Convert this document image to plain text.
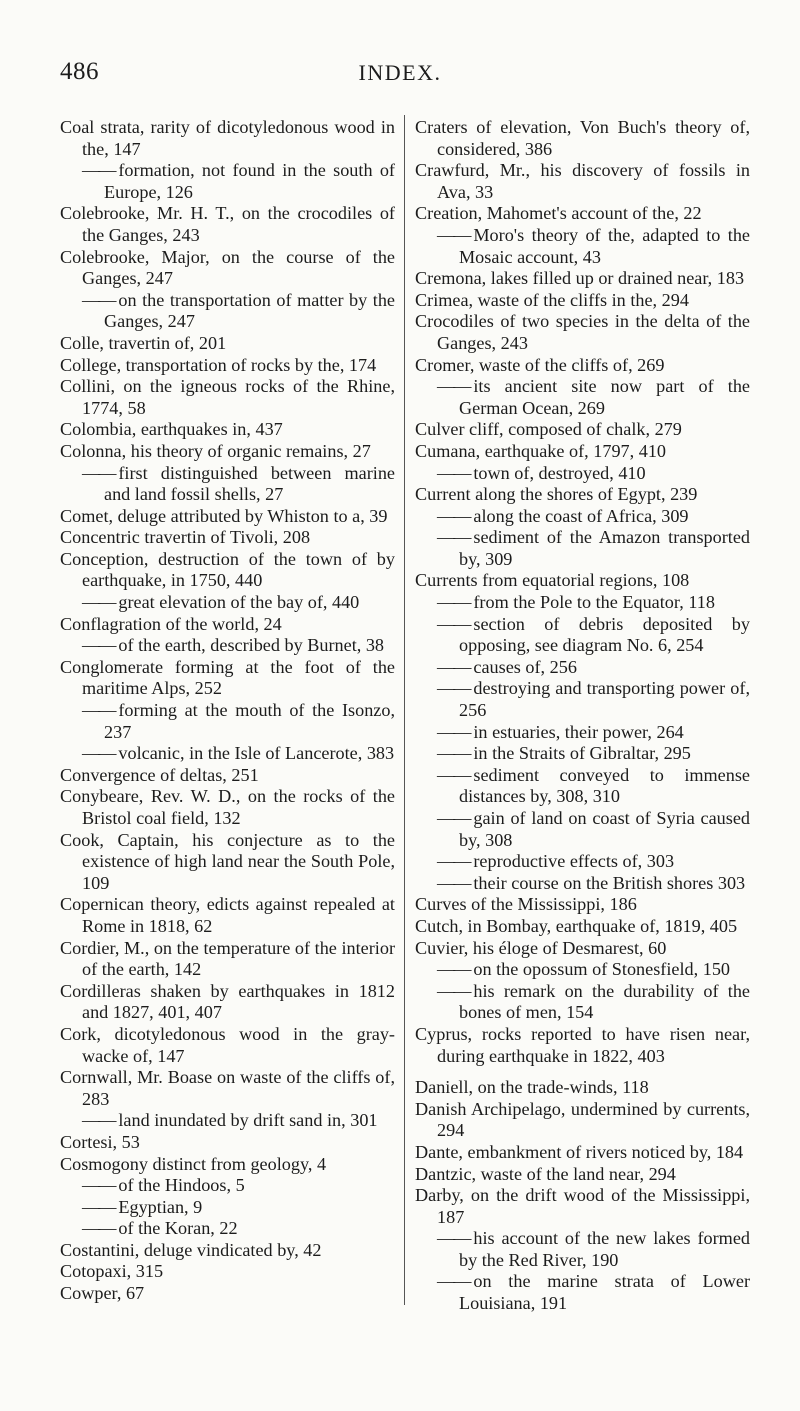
486	INDEX.

Coal strata, rarity of dicotyledonous wood in the, 147

—— formation, not found in the south of Europe, 126

Colebrooke, Mr. H. T., on the crocodiles of the Ganges, 243

Colebrooke, Major, on the course of the Ganges, 247

—— on the transportation of matter by the Ganges, 247

Colle, travertin of, 201

College, transportation of rocks by the, 174

Collini, on the igneous rocks of the Rhine, 1774, 58

Colombia, earthquakes in, 437

Colonna, his theory of organic remains, 27

—— first distinguished between marine and land fossil shells, 27

Comet, deluge attributed by Whiston to a, 39

Concentric travertin of Tivoli, 208

Conception, destruction of the town of by earthquake, in 1750, 440

—— great elevation of the bay of, 440

Conflagration of the world, 24

—— of the earth, described by Burnet, 38

Conglomerate forming at the foot of the maritime Alps, 252

—— forming at the mouth of the Isonzo, 237

—— volcanic, in the Isle of Lancerote, 383

Convergence of deltas, 251

Conybeare, Rev. W. D., on the rocks of the Bristol coal field, 132

Cook, Captain, his conjecture as to the existence of high land near the South Pole, 109

Copernican theory, edicts against repealed at Rome in 1818, 62

Cordier, M., on the temperature of the interior of the earth, 142

Cordilleras shaken by earthquakes in 1812 and 1827, 401, 407

Cork, dicotyledonous wood in the gray-wacke of, 147

Cornwall, Mr. Boase on waste of the cliffs of, 283

—— land inundated by drift sand in, 301

Cortesi, 53

Cosmogony distinct from geology, 4

—— of the Hindoos, 5

—— Egyptian, 9

—— of the Koran, 22

Costantini, deluge vindicated by, 42

Cotopaxi, 315

Cowper, 67

Craters of elevation, Von Buch's theory of, considered, 386

Crawfurd, Mr., his discovery of fossils in Ava, 33

Creation, Mahomet's account of the, 22

—— Moro's theory of the, adapted to the Mosaic account, 43

Cremona, lakes filled up or drained near, 183

Crimea, waste of the cliffs in the, 294

Crocodiles of two species in the delta of the Ganges, 243

Cromer, waste of the cliffs of, 269

—— its ancient site now part of the German Ocean, 269

Culver cliff, composed of chalk, 279

Cumana, earthquake of, 1797, 410

—— town of, destroyed, 410

Current along the shores of Egypt, 239

—— along the coast of Africa, 309

—— sediment of the Amazon transported by, 309

Currents from equatorial regions, 108

—— from the Pole to the Equator, 118

—— section of debris deposited by opposing, see diagram No. 6, 254

—— causes of, 256

—— destroying and transporting power of, 256

—— in estuaries, their power, 264

—— in the Straits of Gibraltar, 295

—— sediment conveyed to immense distances by, 308, 310

—— gain of land on coast of Syria caused by, 308

—— reproductive effects of, 303

—— their course on the British shores 303

Curves of the Mississippi, 186

Cutch, in Bombay, earthquake of, 1819, 405

Cuvier, his éloge of Desmarest, 60

—— on the opossum of Stonesfield, 150

—— his remark on the durability of the bones of men, 154

Cyprus, rocks reported to have risen near, during earthquake in 1822, 403

Daniell, on the trade-winds, 118

Danish Archipelago, undermined by currents, 294

Dante, embankment of rivers noticed by, 184

Dantzic, waste of the land near, 294

Darby, on the drift wood of the Mississippi, 187

—— his account of the new lakes formed by the Red River, 190

—— on the marine strata of Lower Louisiana, 191
